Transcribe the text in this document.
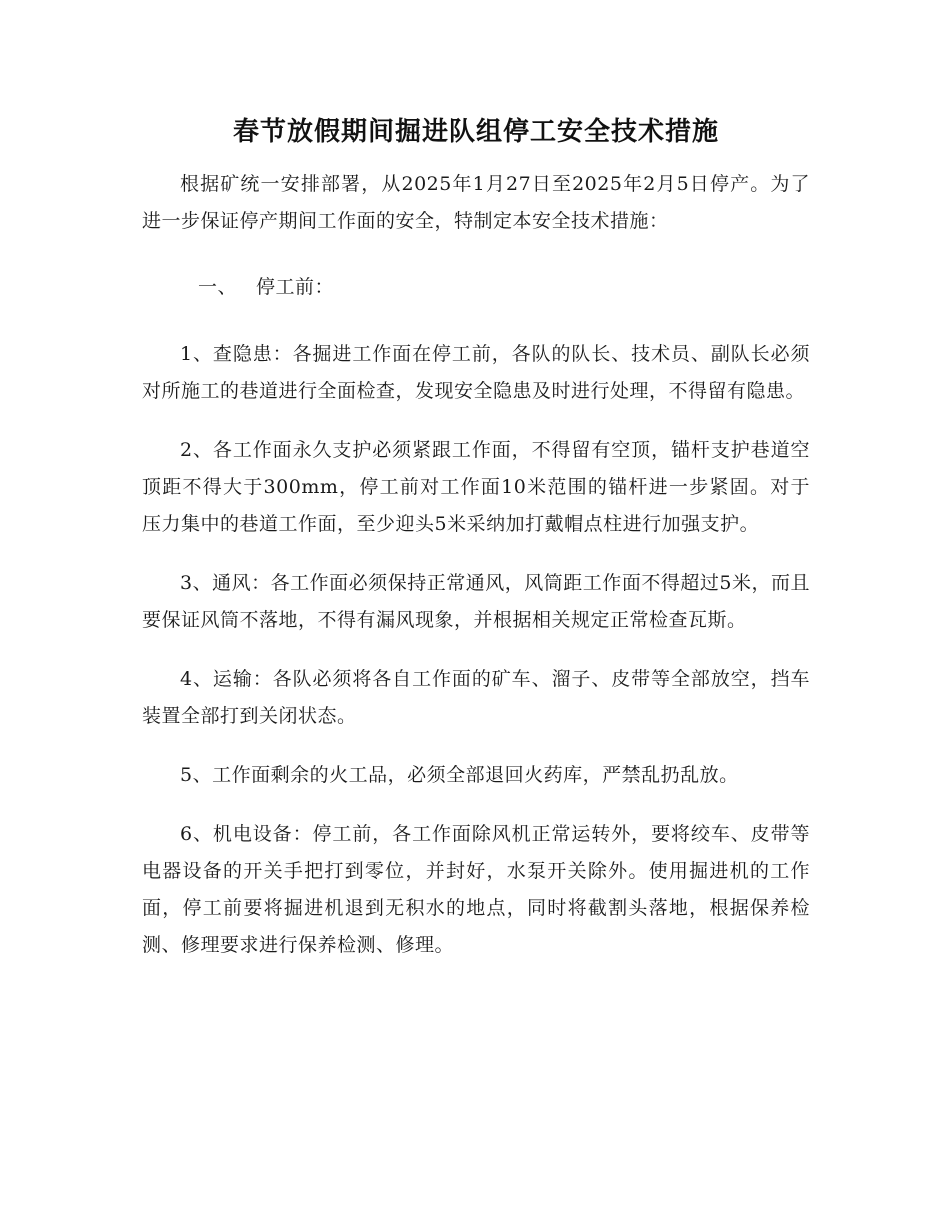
春节放假期间掘进队组停工安全技术措施

根据矿统一安排部署，从2025年1月27日至2025年2月5日停产。为了进一步保证停产期间工作面的安全，特制定本安全技术措施：

一、 停工前：

1、查隐患：各掘进工作面在停工前，各队的队长、技术员、副队长必须对所施工的巷道进行全面检查，发现安全隐患及时进行处理，不得留有隐患。

2、各工作面永久支护必须紧跟工作面，不得留有空顶，锚杆支护巷道空顶距不得大于300mm，停工前对工作面10米范围的锚杆进一步紧固。对于 压力集中的巷道工作面，至少迎头5米采纳加打戴帽点柱进行加强支护。

3、通风：各工作面必须保持正常通风，风筒距工作面不得超过5米，而且要保证风筒不落地，不得有漏风现象，并根据相关规定正常检查瓦斯。

4、运输：各队必须将各自工作面的矿车、溜子、皮带等全部放空，挡车装置全部打到关闭状态。

5、工作面剩余的火工品，必须全部退回火药库，严禁乱扔乱放。

6、机电设备：停工前，各工作面除风机正常运转外，要将绞车、皮带等电器设备的开关手把打到零位，并封好，水泵开关除外。使用掘进机的工作面，停工前要将掘进机退到无积水的地点，同时将截割头落地，根据保养检测、修理要求进行保养检测、修理。
